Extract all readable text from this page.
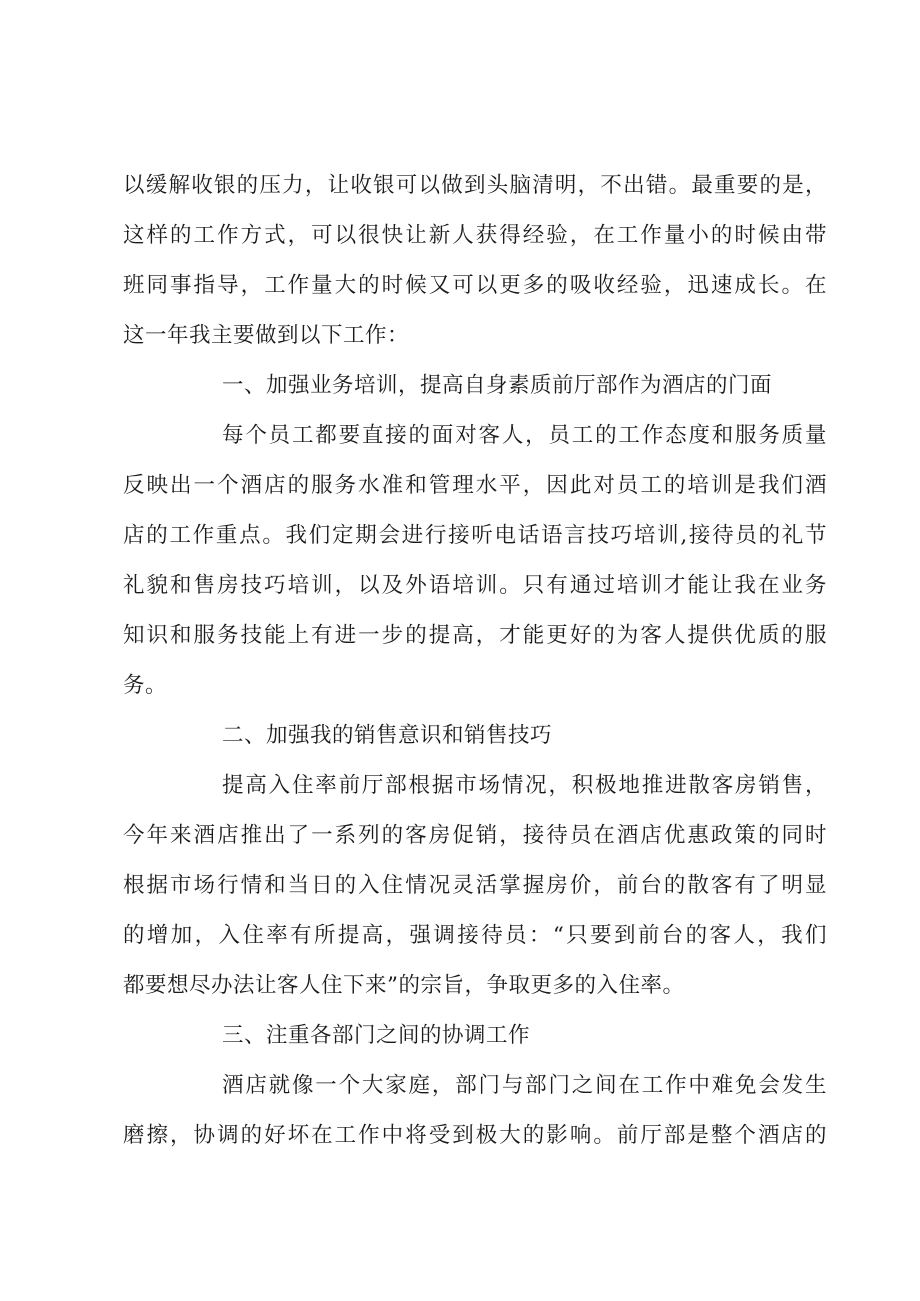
以缓解收银的压力，让收银可以做到头脑清明，不出错。最重要的是，
这样的工作方式，可以很快让新人获得经验，在工作量小的时候由带
班同事指导，工作量大的时候又可以更多的吸收经验，迅速成长。在
这一年我主要做到以下工作：
一、加强业务培训，提高自身素质前厅部作为酒店的门面
每个员工都要直接的面对客人，员工的工作态度和服务质量
反映出一个酒店的服务水准和管理水平，因此对员工的培训是我们酒
店的工作重点。我们定期会进行接听电话语言技巧培训,接待员的礼节
礼貌和售房技巧培训，以及外语培训。只有通过培训才能让我在业务
知识和服务技能上有进一步的提高，才能更好的为客人提供优质的服
务。
二、加强我的销售意识和销售技巧
提高入住率前厅部根据市场情况，积极地推进散客房销售，
今年来酒店推出了一系列的客房促销，接待员在酒店优惠政策的同时
根据市场行情和当日的入住情况灵活掌握房价，前台的散客有了明显
的增加，入住率有所提高，强调接待员：“只要到前台的客人，我们
都要想尽办法让客人住下来”的宗旨，争取更多的入住率。
三、注重各部门之间的协调工作
酒店就像一个大家庭，部门与部门之间在工作中难免会发生
磨擦，协调的好坏在工作中将受到极大的影响。前厅部是整个酒店的
